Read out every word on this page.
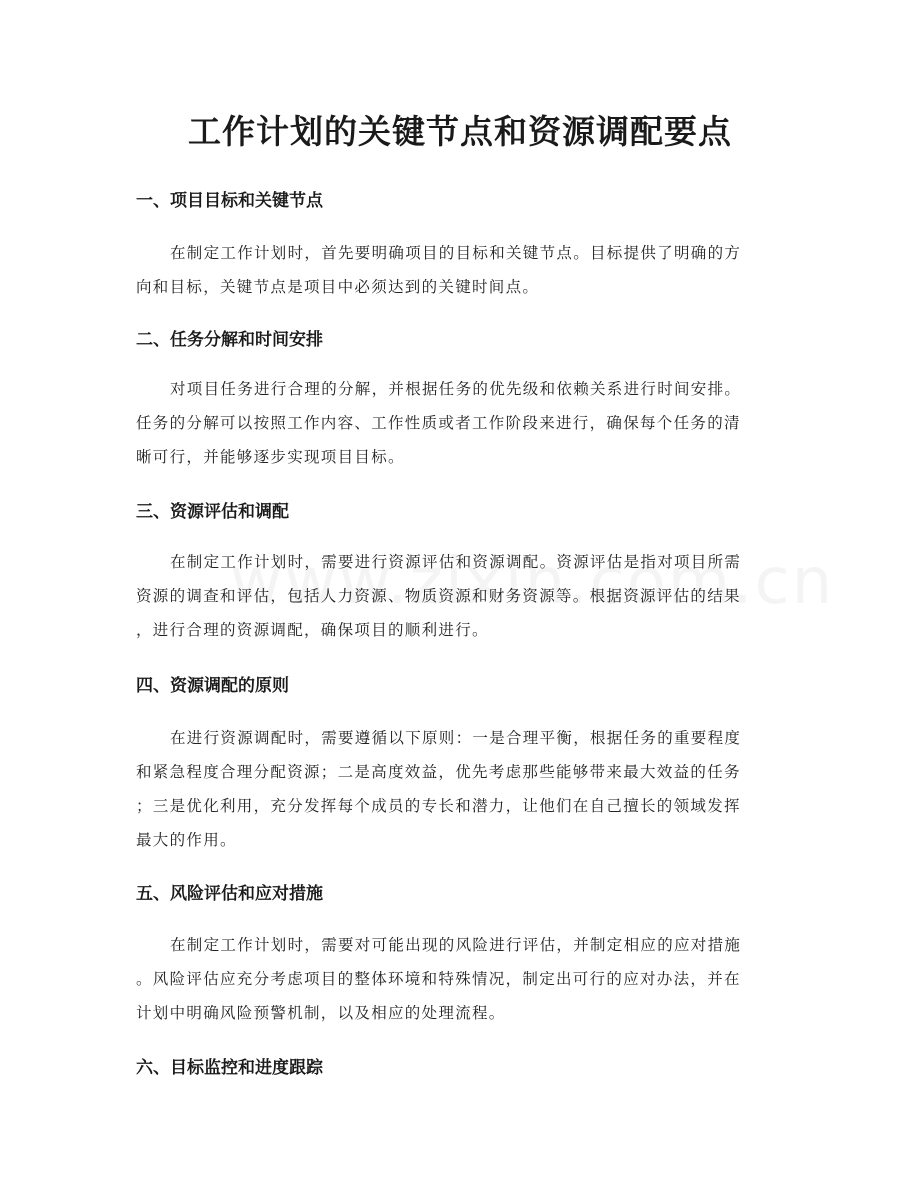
工作计划的关键节点和资源调配要点
一、项目目标和关键节点

在制定工作计划时，首先要明确项目的目标和关键节点。目标提供了明确的方
向和目标，关键节点是项目中必须达到的关键时间点。

二、任务分解和时间安排

对项目任务进行合理的分解，并根据任务的优先级和依赖关系进行时间安排。
任务的分解可以按照工作内容、工作性质或者工作阶段来进行，确保每个任务的清
晰可行，并能够逐步实现项目目标。

三、资源评估和调配

在制定工作计划时，需要进行资源评估和资源调配。资源评估是指对项目所需
资源的调查和评估，包括人力资源、物质资源和财务资源等。根据资源评估的结果
，进行合理的资源调配，确保项目的顺利进行。

四、资源调配的原则

在进行资源调配时，需要遵循以下原则：一是合理平衡，根据任务的重要程度
和紧急程度合理分配资源；二是高度效益，优先考虑那些能够带来最大效益的任务
；三是优化利用，充分发挥每个成员的专长和潜力，让他们在自己擅长的领域发挥
最大的作用。

五、风险评估和应对措施

在制定工作计划时，需要对可能出现的风险进行评估，并制定相应的应对措施
。风险评估应充分考虑项目的整体环境和特殊情况，制定出可行的应对办法，并在
计划中明确风险预警机制，以及相应的处理流程。

六、目标监控和进度跟踪
